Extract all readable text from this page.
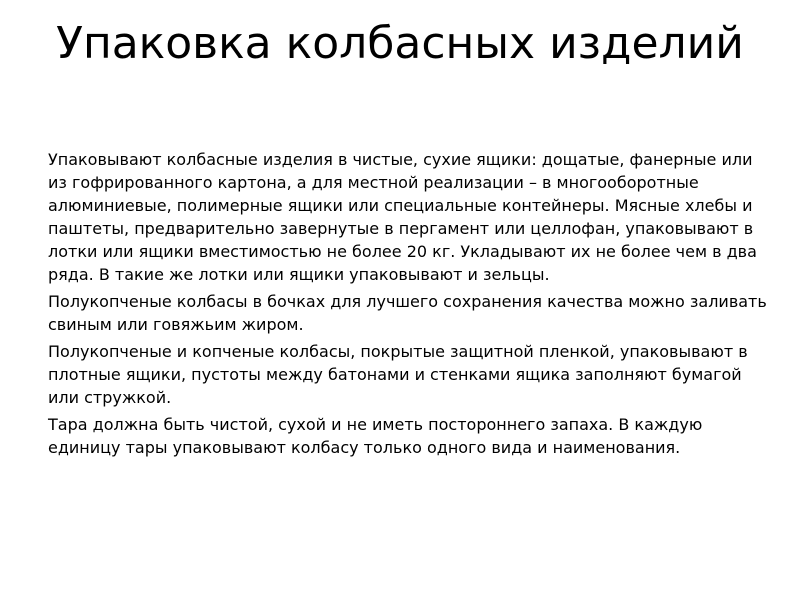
Упаковка колбасных изделий

Упаковывают колбасные изделия в чистые, сухие ящики: дощатые, фанерные или из гофрированного картона, а для местной реализации – в многооборотные алюминиевые, полимерные ящики или специальные контейнеры. Мясные хлебы и паштеты, предварительно завернутые в пергамент или целлофан, упаковывают в лотки или ящики вместимостью не более 20 кг. Укладывают их не более чем в два ряда. В такие же лотки или ящики упаковывают и зельцы.

Полукопченые колбасы в бочках для лучшего сохранения качества можно заливать свиным или говяжьим жиром.

Полукопченые и копченые колбасы, покрытые защитной пленкой, упаковывают в плотные ящики, пустоты между батонами и стенками ящика заполняют бумагой или стружкой.

Тара должна быть чистой, сухой и не иметь постороннего запаха. В каждую единицу тары упаковывают колбасу только одного вида и наименования.
